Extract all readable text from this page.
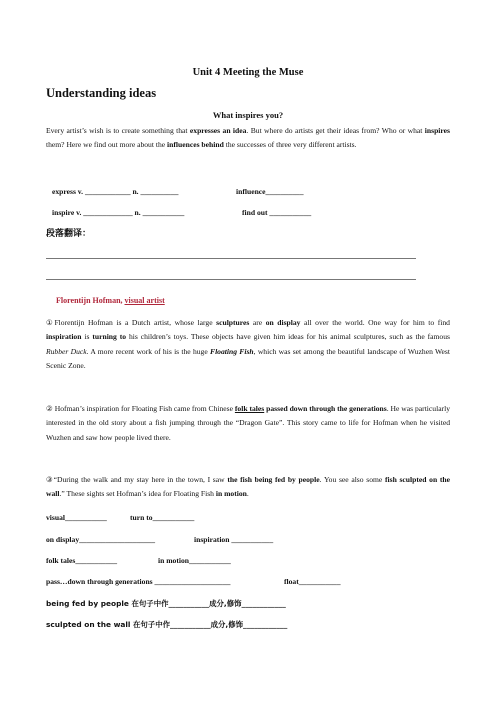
Unit 4 Meeting the Muse
Understanding ideas
What inspires you?
Every artist’s wish is to create something that expresses an idea. But where do artists get their ideas from? Who or what inspires them? Here we find out more about the influences behind the successes of three very different artists.
express v. ____________ n. __________	influence__________
inspire v. _____________ n. ___________	find out ___________
段落翻译：
Florentijn Hofman, visual artist
①Florentijn Hofman is a Dutch artist, whose large sculptures are on display all over the world. One way for him to find inspiration is turning to his children’s toys. These objects have given him ideas for his animal sculptures, such as the famous Rubber Duck. A more recent work of his is the huge Floating Fish, which was set among the beautiful landscape of Wuzhen West Scenic Zone.
② Hofman’s inspiration for Floating Fish came from Chinese folk tales passed down through the generations. He was particularly interested in the old story about a fish jumping through the “Dragon Gate”. This story came to life for Hofman when he visited Wuzhen and saw how people lived there.
③“During the walk and my stay here in the town, I saw the fish being fed by people. You see also some fish sculpted on the wall.” These sights set Hofman’s idea for Floating Fish in motion.
visual___________	turn to___________
on display____________________	inspiration ___________
folk tales___________	in motion___________
pass…down through generations ____________________	float___________
being fed by people 在句子中作___________成分,修饰____________
sculpted on the wall 在句子中作___________成分,修饰____________
